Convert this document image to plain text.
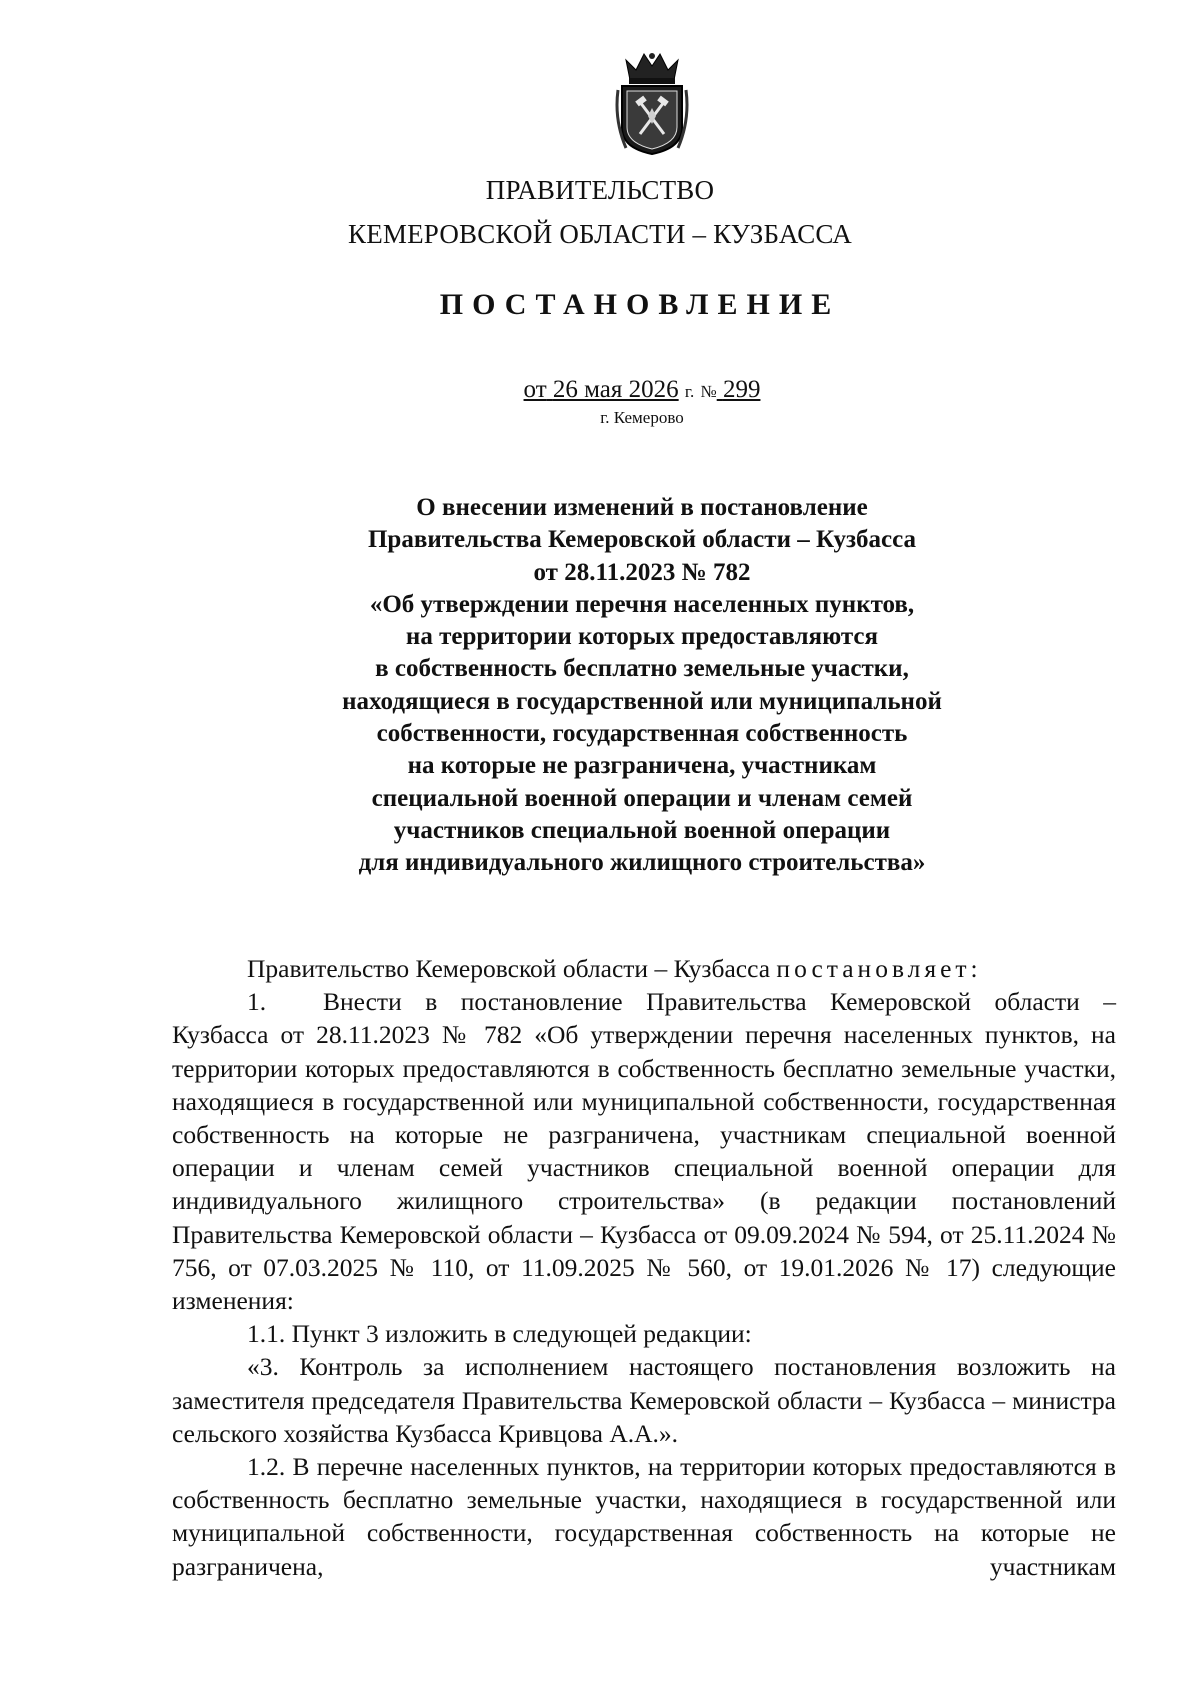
ПРАВИТЕЛЬСТВО
КЕМЕРОВСКОЙ ОБЛАСТИ – КУЗБАССА
ПОСТАНОВЛЕНИЕ
от 26 мая 2026 г. № 299
г. Кемерово
О внесении изменений в постановление
Правительства Кемеровской области – Кузбасса
от 28.11.2023 № 782
«Об утверждении перечня населенных пунктов,
на территории которых предоставляются
в собственность бесплатно земельные участки,
находящиеся в государственной или муниципальной
собственности, государственная собственность
на которые не разграничена, участникам
специальной военной операции и членам семей
участников специальной военной операции
для индивидуального жилищного строительства»

Правительство Кемеровской области – Кузбасса постановляет:

1. Внести в постановление Правительства Кемеровской области – Кузбасса от 28.11.2023 № 782 «Об утверждении перечня населенных пунктов, на территории которых предоставляются в собственность бесплатно земельные участки, находящиеся в государственной или муниципальной собственности, государственная собственность на которые не разграничена, участникам специальной военной операции и членам семей участников специальной военной операции для индивидуального жилищного строительства» (в редакции постановлений Правительства Кемеровской области – Кузбасса от 09.09.2024 № 594, от 25.11.2024 № 756, от 07.03.2025 № 110, от 11.09.2025 № 560, от 19.01.2026 № 17) следующие изменения:

1.1. Пункт 3 изложить в следующей редакции:

«3. Контроль за исполнением настоящего постановления возложить на заместителя председателя Правительства Кемеровской области – Кузбасса – министра сельского хозяйства Кузбасса Кривцова А.А.».

1.2. В перечне населенных пунктов, на территории которых предоставляются в собственность бесплатно земельные участки, находящиеся в государственной или муниципальной собственности, государственная собственность на которые не разграничена, участникам
